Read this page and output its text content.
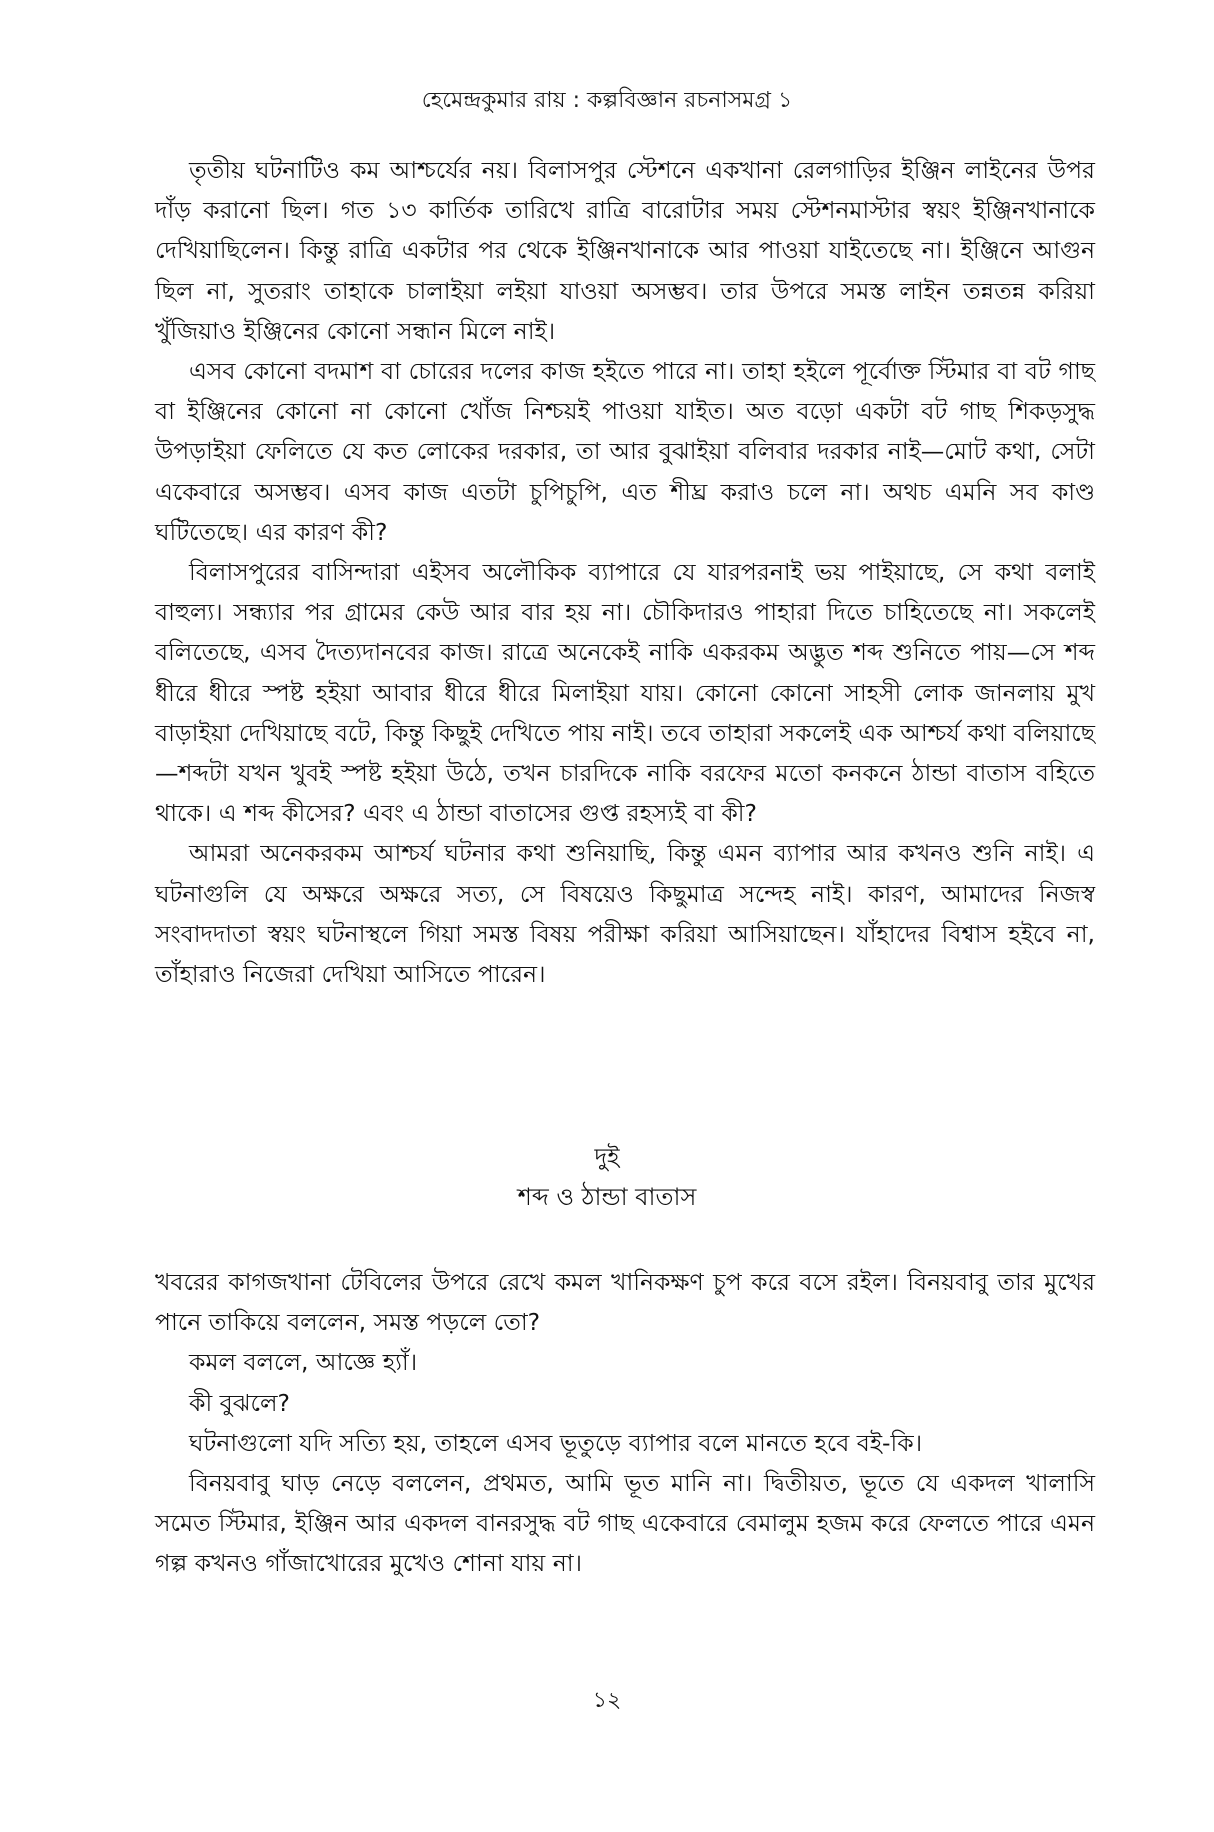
হেমেন্দ্রকুমার রায় : কল্পবিজ্ঞান রচনাসমগ্র ১

তৃতীয় ঘটনাটিও কম আশ্চর্যের নয়। বিলাসপুর স্টেশনে একখানা রেলগাড়ির ইঞ্জিন লাইনের উপর দাঁড় করানো ছিল। গত ১৩ কার্তিক তারিখে রাত্রি বারোটার সময় স্টেশনমাস্টার স্বয়ং ইঞ্জিনখানাকে দেখিয়াছিলেন। কিন্তু রাত্রি একটার পর থেকে ইঞ্জিনখানাকে আর পাওয়া যাইতেছে না। ইঞ্জিনে আগুন ছিল না, সুতরাং তাহাকে চালাইয়া লইয়া যাওয়া অসম্ভব। তার উপরে সমস্ত লাইন তন্নতন্ন করিয়া খুঁজিয়াও ইঞ্জিনের কোনো সন্ধান মিলে নাই।

এসব কোনো বদমাশ বা চোরের দলের কাজ হইতে পারে না। তাহা হইলে পূর্বোক্ত স্টিমার বা বট গাছ বা ইঞ্জিনের কোনো না কোনো খোঁজ নিশ্চয়ই পাওয়া যাইত। অত বড়ো একটা বট গাছ শিকড়সুদ্ধ উপড়াইয়া ফেলিতে যে কত লোকের দরকার, তা আর বুঝাইয়া বলিবার দরকার নাই—মোট কথা, সেটা একেবারে অসম্ভব। এসব কাজ এতটা চুপিচুপি, এত শীঘ্র করাও চলে না। অথচ এমনি সব কাণ্ড ঘটিতেছে। এর কারণ কী?

বিলাসপুরের বাসিন্দারা এইসব অলৌকিক ব্যাপারে যে যারপরনাই ভয় পাইয়াছে, সে কথা বলাই বাহুল্য। সন্ধ্যার পর গ্রামের কেউ আর বার হয় না। চৌকিদারও পাহারা দিতে চাহিতেছে না। সকলেই বলিতেছে, এসব দৈত্যদানবের কাজ। রাত্রে অনেকেই নাকি একরকম অদ্ভুত শব্দ শুনিতে পায়—সে শব্দ ধীরে ধীরে স্পষ্ট হইয়া আবার ধীরে ধীরে মিলাইয়া যায়। কোনো কোনো সাহসী লোক জানলায় মুখ বাড়াইয়া দেখিয়াছে বটে, কিন্তু কিছুই দেখিতে পায় নাই। তবে তাহারা সকলেই এক আশ্চর্য কথা বলিয়াছে—শব্দটা যখন খুবই স্পষ্ট হইয়া উঠে, তখন চারদিকে নাকি বরফের মতো কনকনে ঠান্ডা বাতাস বহিতে থাকে। এ শব্দ কীসের? এবং এ ঠান্ডা বাতাসের গুপ্ত রহস্যই বা কী?

আমরা অনেকরকম আশ্চর্য ঘটনার কথা শুনিয়াছি, কিন্তু এমন ব্যাপার আর কখনও শুনি নাই। এ ঘটনাগুলি যে অক্ষরে অক্ষরে সত্য, সে বিষয়েও কিছুমাত্র সন্দেহ নাই। কারণ, আমাদের নিজস্ব সংবাদদাতা স্বয়ং ঘটনাস্থলে গিয়া সমস্ত বিষয় পরীক্ষা করিয়া আসিয়াছেন। যাঁহাদের বিশ্বাস হইবে না, তাঁহারাও নিজেরা দেখিয়া আসিতে পারেন।

দুই
শব্দ ও ঠান্ডা বাতাস

খবরের কাগজখানা টেবিলের উপরে রেখে কমল খানিকক্ষণ চুপ করে বসে রইল। বিনয়বাবু তার মুখের পানে তাকিয়ে বললেন, সমস্ত পড়লে তো?

কমল বললে, আজ্ঞে হ্যাঁ।

কী বুঝলে?

ঘটনাগুলো যদি সত্যি হয়, তাহলে এসব ভূতুড়ে ব্যাপার বলে মানতে হবে বই-কি।

বিনয়বাবু ঘাড় নেড়ে বললেন, প্রথমত, আমি ভূত মানি না। দ্বিতীয়ত, ভূতে যে একদল খালাসি সমেত স্টিমার, ইঞ্জিন আর একদল বানরসুদ্ধ বট গাছ একেবারে বেমালুম হজম করে ফেলতে পারে এমন গল্প কখনও গাঁজাখোরের মুখেও শোনা যায় না।

১২
